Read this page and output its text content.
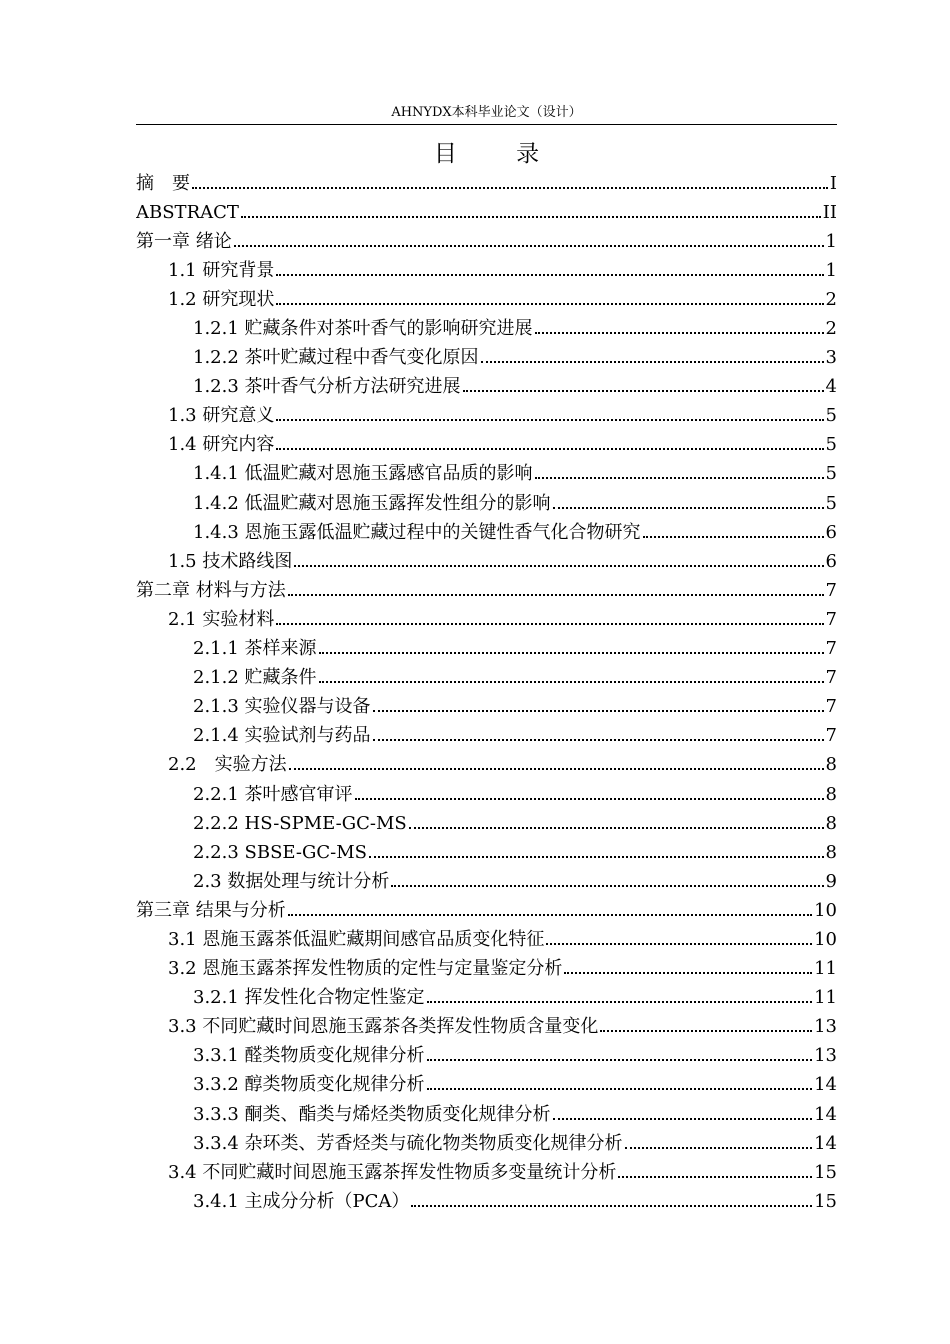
AHNYDX本科毕业论文（设计）
目 录
摘　要	I
ABSTRACT	II
第一章 绪论	1
1.1 研究背景	1
1.2 研究现状	2
1.2.1 贮藏条件对茶叶香气的影响研究进展	2
1.2.2 茶叶贮藏过程中香气变化原因	3
1.2.3 茶叶香气分析方法研究进展	4
1.3 研究意义	5
1.4 研究内容	5
1.4.1 低温贮藏对恩施玉露感官品质的影响	5
1.4.2 低温贮藏对恩施玉露挥发性组分的影响	5
1.4.3 恩施玉露低温贮藏过程中的关键性香气化合物研究	6
1.5 技术路线图	6
第二章 材料与方法	7
2.1 实验材料	7
2.1.1 茶样来源	7
2.1.2 贮藏条件	7
2.1.3 实验仪器与设备	7
2.1.4 实验试剂与药品	7
2.2　实验方法	8
2.2.1 茶叶感官审评	8
2.2.2 HS-SPME-GC-MS	8
2.2.3 SBSE-GC-MS	8
2.3 数据处理与统计分析	9
第三章 结果与分析	10
3.1 恩施玉露茶低温贮藏期间感官品质变化特征	10
3.2 恩施玉露茶挥发性物质的定性与定量鉴定分析	11
3.2.1 挥发性化合物定性鉴定	11
3.3 不同贮藏时间恩施玉露茶各类挥发性物质含量变化	13
3.3.1 醛类物质变化规律分析	13
3.3.2 醇类物质变化规律分析	14
3.3.3 酮类、酯类与烯烃类物质变化规律分析	14
3.3.4 杂环类、芳香烃类与硫化物类物质变化规律分析	14
3.4 不同贮藏时间恩施玉露茶挥发性物质多变量统计分析	15
3.4.1 主成分分析（PCA）	15
